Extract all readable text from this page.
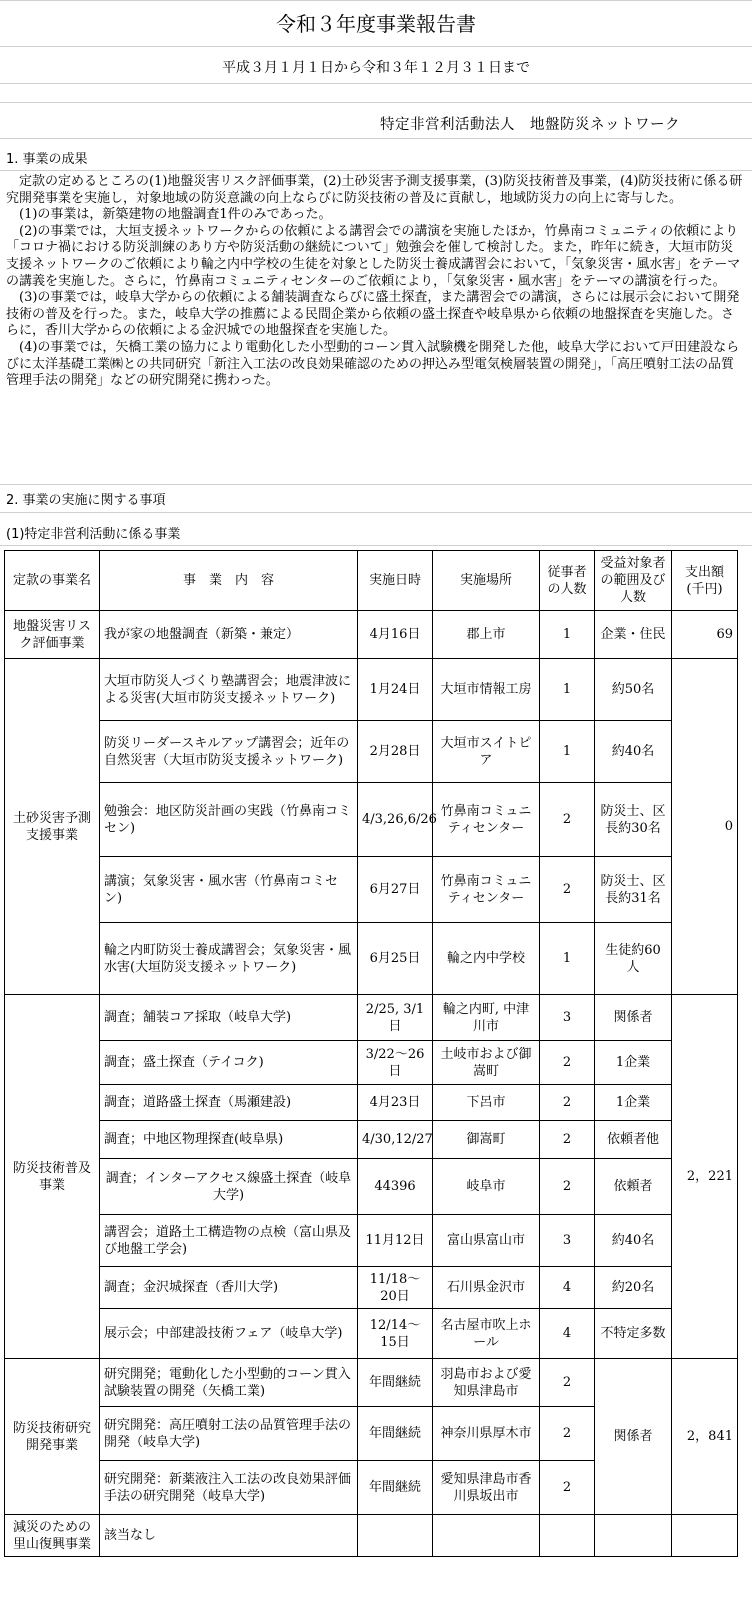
令和３年度事業報告書
平成３月１月１日から令和３年１２月３１日まで
特定非営利活動法人　地盤防災ネットワーク
1. 事業の成果

　定款の定めるところの(1)地盤災害リスク評価事業，(2)土砂災害予測支援事業，(3)防災技術普及事業，(4)防災技術に係る研究開発事業を実施し，対象地域の防災意識の向上ならびに防災技術の普及に貢献し，地域防災力の向上に寄与した。

　(1)の事業は，新築建物の地盤調査1件のみであった。

　(2)の事業では，大垣支援ネットワークからの依頼による講習会での講演を実施したほか，竹鼻南コミュニティの依頼により「コロナ禍における防災訓練のあり方や防災活動の継続について」勉強会を催して検討した。また，昨年に続き，大垣市防災支援ネットワークのご依頼により輪之内中学校の生徒を対象とした防災士養成講習会において，「気象災害・風水害」をテーマの講義を実施した。さらに，竹鼻南コミュニティセンターのご依頼により，「気象災害・風水害」をテーマの講演を行った。

　(3)の事業では，岐阜大学からの依頼による舗装調査ならびに盛土探査，また講習会での講演，さらには展示会において開発技術の普及を行った。また，岐阜大学の推薦による民間企業から依頼の盛土探査や岐阜県から依頼の地盤探査を実施した。さらに，香川大学からの依頼による金沢城での地盤探査を実施した。

　(4)の事業では，矢橋工業の協力により電動化した小型動的コーン貫入試験機を開発した他，岐阜大学において戸田建設ならびに太洋基礎工業㈱との共同研究「新注入工法の改良効果確認のための押込み型電気検層装置の開発」，「高圧噴射工法の品質管理手法の開発」などの研究開発に携わった。

2. 事業の実施に関する事項
(1)特定非営利活動に係る事業
定款の事業名	事　業　内　容	実施日時	実施場所	従事者の人数	受益対象者の範囲及び人数	支出額(千円)
地盤災害リスク評価事業	我が家の地盤調査（新築・兼定）	4月16日	郡上市	1	企業・住民	69
土砂災害予測支援事業	大垣市防災人づくり塾講習会；地震津波による災害(大垣市防災支援ネットワーク)	1月24日	大垣市情報工房	1	約50名	0
	防災リーダースキルアップ講習会；近年の自然災害（大垣市防災支援ネットワーク)	2月28日	大垣市スイトピア	1	約40名	
	勉強会：地区防災計画の実践（竹鼻南コミセン)	4/3,26,6/26	竹鼻南コミュニティセンター	2	防災士、区長約30名	
	講演；気象災害・風水害（竹鼻南コミセン)	6月27日	竹鼻南コミュニティセンター	2	防災士、区長約31名	
	輪之内町防災士養成講習会；気象災害・風水害(大垣防災支援ネットワーク)	6月25日	輪之内中学校	1	生徒約60人	
防災技術普及事業	調査；舗装コア採取（岐阜大学)	2/25, 3/1日	輪之内町, 中津川市	3	関係者	2，221
	調査；盛土探査（テイコク)	3/22～26日	土岐市および御嵩町	2	1企業	
	調査；道路盛土探査（馬瀬建設)	4月23日	下呂市	2	1企業	
	調査；中地区物理探査(岐阜県)	4/30,12/27	御嵩町	2	依頼者他	
	調査；インターアクセス線盛土探査（岐阜大学)	44396	岐阜市	2	依頼者	
	講習会；道路土工構造物の点検（富山県及び地盤工学会)	11月12日	富山県富山市	3	約40名	
	調査；金沢城探査（香川大学)	11/18～20日	石川県金沢市	4	約20名	
	展示会；中部建設技術フェア（岐阜大学)	12/14～15日	名古屋市吹上ホール	4	不特定多数	
防災技術研究開発事業	研究開発；電動化した小型動的コーン貫入試験装置の開発（矢橋工業)	年間継続	羽島市および愛知県津島市	2	関係者	2，841
	研究開発：高圧噴射工法の品質管理手法の開発（岐阜大学)	年間継続	神奈川県厚木市	2		
	研究開発：新薬液注入工法の改良効果評価手法の研究開発（岐阜大学)	年間継続	愛知県津島市香川県坂出市	2		
減災のための里山復興事業	該当なし					
